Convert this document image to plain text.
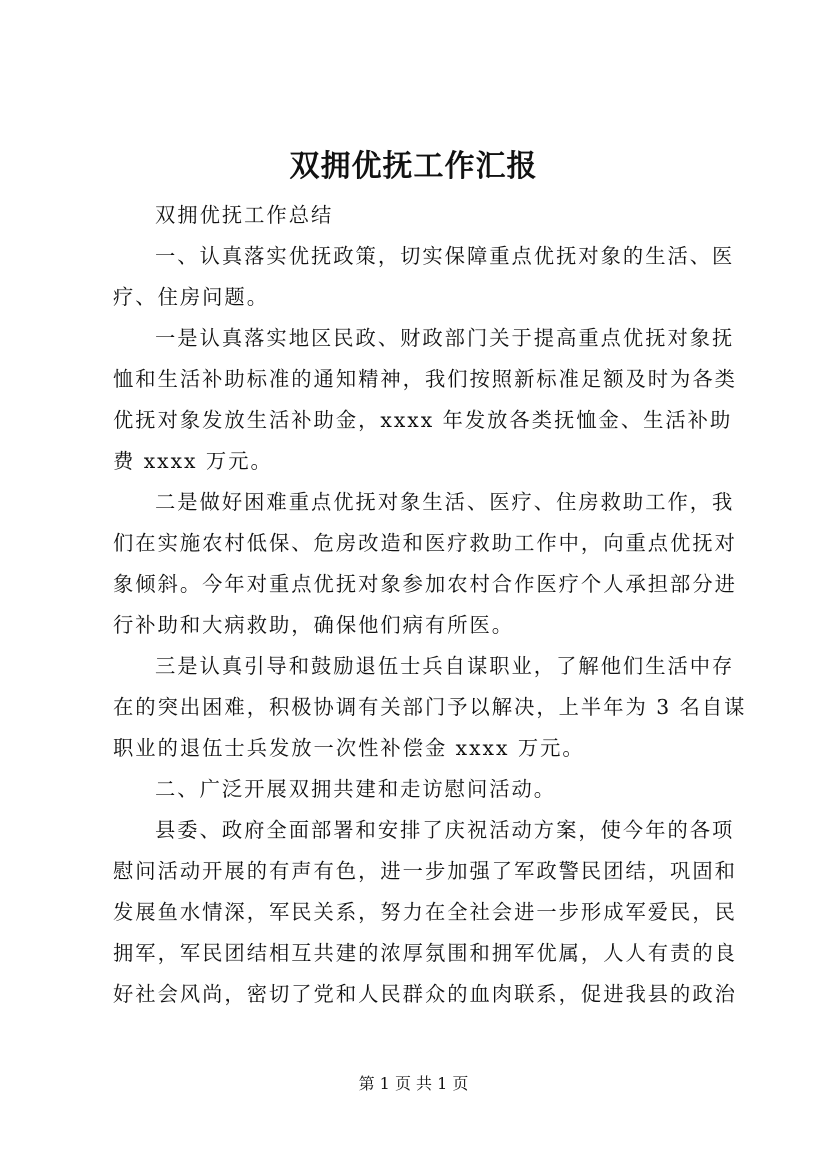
双拥优抚工作汇报
双拥优抚工作总结
一、认真落实优抚政策，切实保障重点优抚对象的生活、医
疗、住房问题。
一是认真落实地区民政、财政部门关于提高重点优抚对象抚
恤和生活补助标准的通知精神，我们按照新标准足额及时为各类
优抚对象发放生活补助金，xxxx 年发放各类抚恤金、生活补助
费 xxxx 万元。
二是做好困难重点优抚对象生活、医疗、住房救助工作，我
们在实施农村低保、危房改造和医疗救助工作中，向重点优抚对
象倾斜。今年对重点优抚对象参加农村合作医疗个人承担部分进
行补助和大病救助，确保他们病有所医。
三是认真引导和鼓励退伍士兵自谋职业，了解他们生活中存
在的突出困难，积极协调有关部门予以解决，上半年为 3 名自谋
职业的退伍士兵发放一次性补偿金 xxxx 万元。
二、广泛开展双拥共建和走访慰问活动。
县委、政府全面部署和安排了庆祝活动方案，使今年的各项
慰问活动开展的有声有色，进一步加强了军政警民团结，巩固和
发展鱼水情深，军民关系，努力在全社会进一步形成军爱民，民
拥军，军民团结相互共建的浓厚氛围和拥军优属，人人有责的良
好社会风尚，密切了党和人民群众的血肉联系，促进我县的政治
第 1 页 共 1 页
